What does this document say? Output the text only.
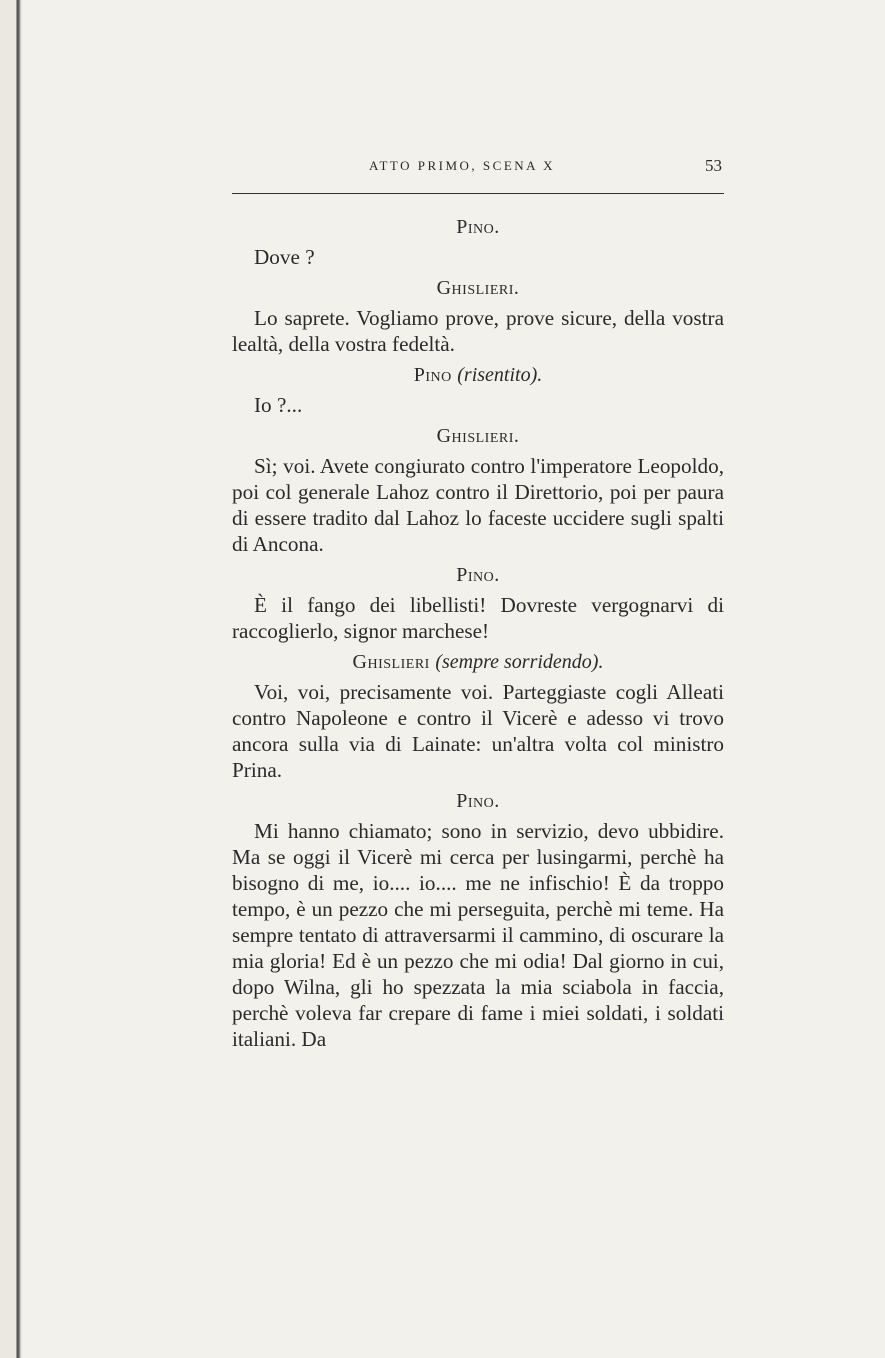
ATTO PRIMO, SCENA X	53
Pino.

Dove ?

Ghislieri.

Lo saprete. Vogliamo prove, prove sicure, della vostra lealtà, della vostra fedeltà.

Pino (risentito).

Io ?...

Ghislieri.

Sì; voi. Avete congiurato contro l'imperatore Leopoldo, poi col generale Lahoz contro il Direttorio, poi per paura di essere tradito dal Lahoz lo faceste uccidere sugli spalti di Ancona.

Pino.

È il fango dei libellisti! Dovreste vergognarvi di raccoglierlo, signor marchese!

Ghislieri (sempre sorridendo).

Voi, voi, precisamente voi. Parteggiaste cogli Alleati contro Napoleone e contro il Vicerè e adesso vi trovo ancora sulla via di Lainate: un'altra volta col ministro Prina.

Pino.

Mi hanno chiamato; sono in servizio, devo ubbidire. Ma se oggi il Vicerè mi cerca per lusingarmi, perchè ha bisogno di me, io.... io.... me ne infischio! È da troppo tempo, è un pezzo che mi perseguita, perchè mi teme. Ha sempre tentato di attraversarmi il cammino, di oscurare la mia gloria! Ed è un pezzo che mi odia! Dal giorno in cui, dopo Wilna, gli ho spezzata la mia sciabola in faccia, perchè voleva far crepare di fame i miei soldati, i soldati italiani. Da
